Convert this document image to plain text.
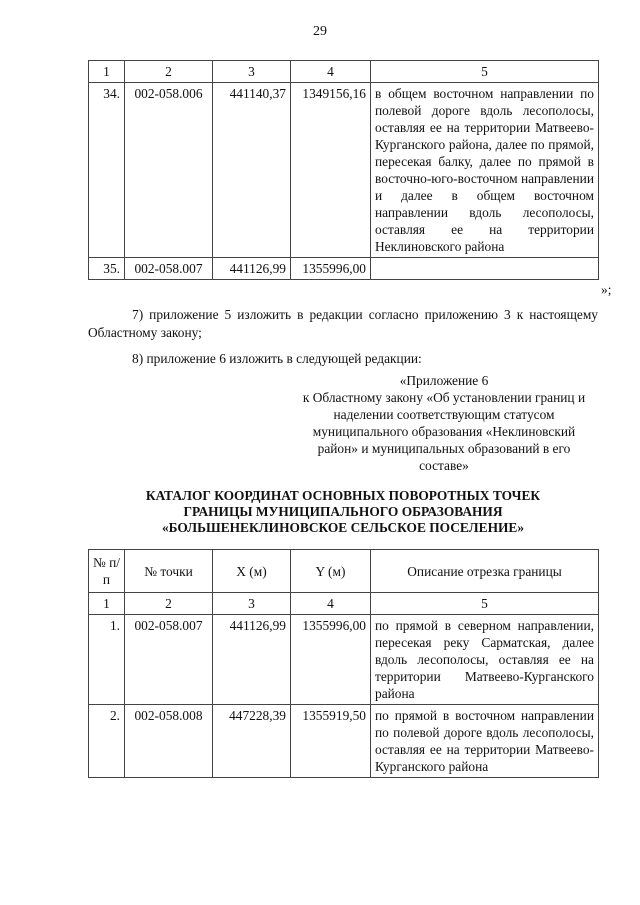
29
1	2	3	4	5
34.	002-058.006	441140,37	1349156,16	в общем восточном направлении по полевой дороге вдоль лесополосы, оставляя ее на территории Матвеево-Курганского района, далее по прямой, пересекая балку, далее по прямой в восточно-юго-восточном направлении и далее в общем восточном направлении вдоль лесополосы, оставляя ее на территории Неклиновского района
35.	002-058.007	441126,99	1355996,00	
»;
7) приложение 5 изложить в редакции согласно приложению 3 к настоящему Областному закону;
8) приложение 6 изложить в следующей редакции:
«Приложение 6
к Областному закону «Об установлении границ и наделении соответствующим статусом муниципального образования «Неклиновский район» и муниципальных образований в его составе»
КАТАЛОГ КООРДИНАТ ОСНОВНЫХ ПОВОРОТНЫХ ТОЧЕК
ГРАНИЦЫ МУНИЦИПАЛЬНОГО ОБРАЗОВАНИЯ
«БОЛЬШЕНЕКЛИНОВСКОЕ СЕЛЬСКОЕ ПОСЕЛЕНИЕ»
№ п/п	№ точки	X (м)	Y (м)	Описание отрезка границы
1	2	3	4	5
1.	002-058.007	441126,99	1355996,00	по прямой в северном направлении, пересекая реку Сарматская, далее вдоль лесополосы, оставляя ее на территории Матвеево-Курганского района
2.	002-058.008	447228,39	1355919,50	по прямой в восточном направлении по полевой дороге вдоль лесополосы, оставляя ее на территории Матвеево-Курганского района
